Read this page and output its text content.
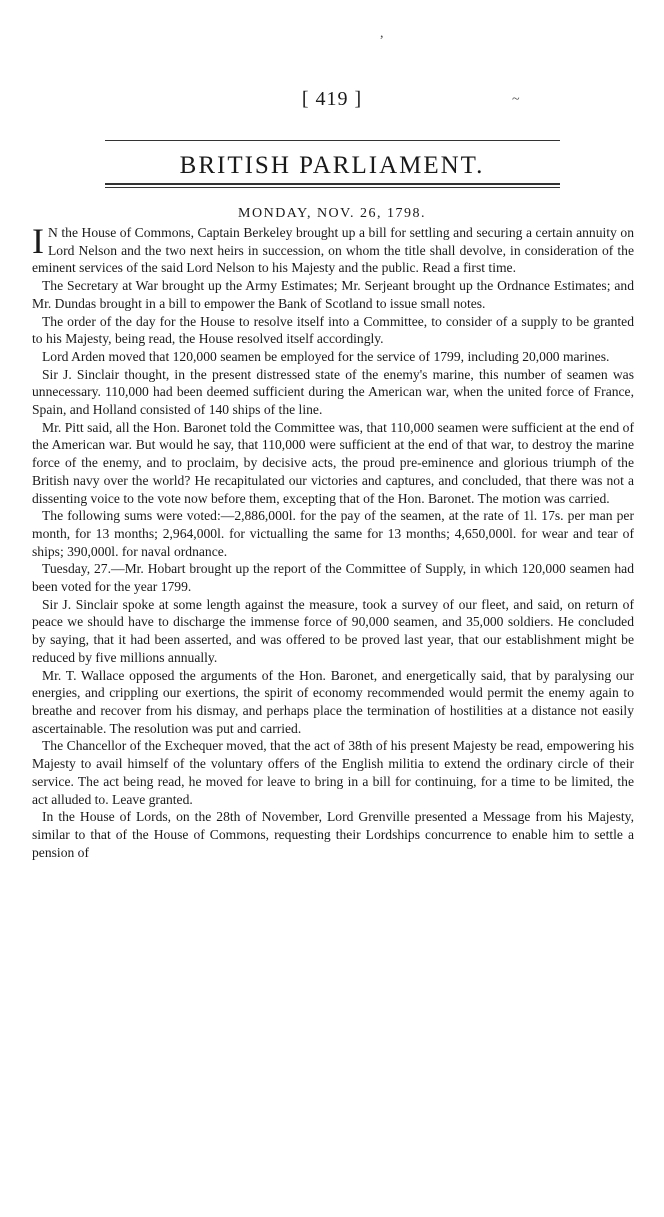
,
~
[ 419 ]
BRITISH PARLIAMENT.
MONDAY, NOV. 26, 1798.

I N the House of Commons, Captain Berkeley brought up a bill for settling and securing a certain annuity on Lord Nelson and the two next heirs in succession, on whom the title shall devolve, in consideration of the eminent services of the said Lord Nelson to his Majesty and the public. Read a first time.

The Secretary at War brought up the Army Estimates; Mr. Serjeant brought up the Ordnance Estimates; and Mr. Dundas brought in a bill to empower the Bank of Scotland to issue small notes.

The order of the day for the House to resolve itself into a Committee, to consider of a supply to be granted to his Majesty, being read, the House resolved itself accordingly.

Lord Arden moved that 120,000 seamen be employed for the service of 1799, including 20,000 marines.

Sir J. Sinclair thought, in the present distressed state of the enemy's marine, this number of seamen was unnecessary. 110,000 had been deemed sufficient during the American war, when the united force of France, Spain, and Holland consisted of 140 ships of the line.

Mr. Pitt said, all the Hon. Baronet told the Committee was, that 110,000 seamen were sufficient at the end of the American war. But would he say, that 110,000 were sufficient at the end of that war, to destroy the marine force of the enemy, and to proclaim, by decisive acts, the proud pre-eminence and glorious triumph of the British navy over the world? He recapitulated our victories and captures, and concluded, that there was not a dissenting voice to the vote now before them, excepting that of the Hon. Baronet. The motion was carried.

The following sums were voted:—2,886,000l. for the pay of the seamen, at the rate of 1l. 17s. per man per month, for 13 months; 2,964,000l. for victualling the same for 13 months; 4,650,000l. for wear and tear of ships; 390,000l. for naval ordnance.

Tuesday, 27.—Mr. Hobart brought up the report of the Committee of Supply, in which 120,000 seamen had been voted for the year 1799.

Sir J. Sinclair spoke at some length against the measure, took a survey of our fleet, and said, on return of peace we should have to discharge the immense force of 90,000 seamen, and 35,000 soldiers. He concluded by saying, that it had been asserted, and was offered to be proved last year, that our establishment might be reduced by five millions annually.

Mr. T. Wallace opposed the arguments of the Hon. Baronet, and energetically said, that by paralysing our energies, and crippling our exertions, the spirit of economy recommended would permit the enemy again to breathe and recover from his dismay, and perhaps place the termination of hostilities at a distance not easily ascertainable. The resolution was put and carried.

The Chancellor of the Exchequer moved, that the act of 38th of his present Majesty be read, empowering his Majesty to avail himself of the voluntary offers of the English militia to extend the ordinary circle of their service. The act being read, he moved for leave to bring in a bill for continuing, for a time to be limited, the act alluded to. Leave granted.

In the House of Lords, on the 28th of November, Lord Grenville presented a Message from his Majesty, similar to that of the House of Commons, requesting their Lordships concurrence to enable him to settle a pension of
